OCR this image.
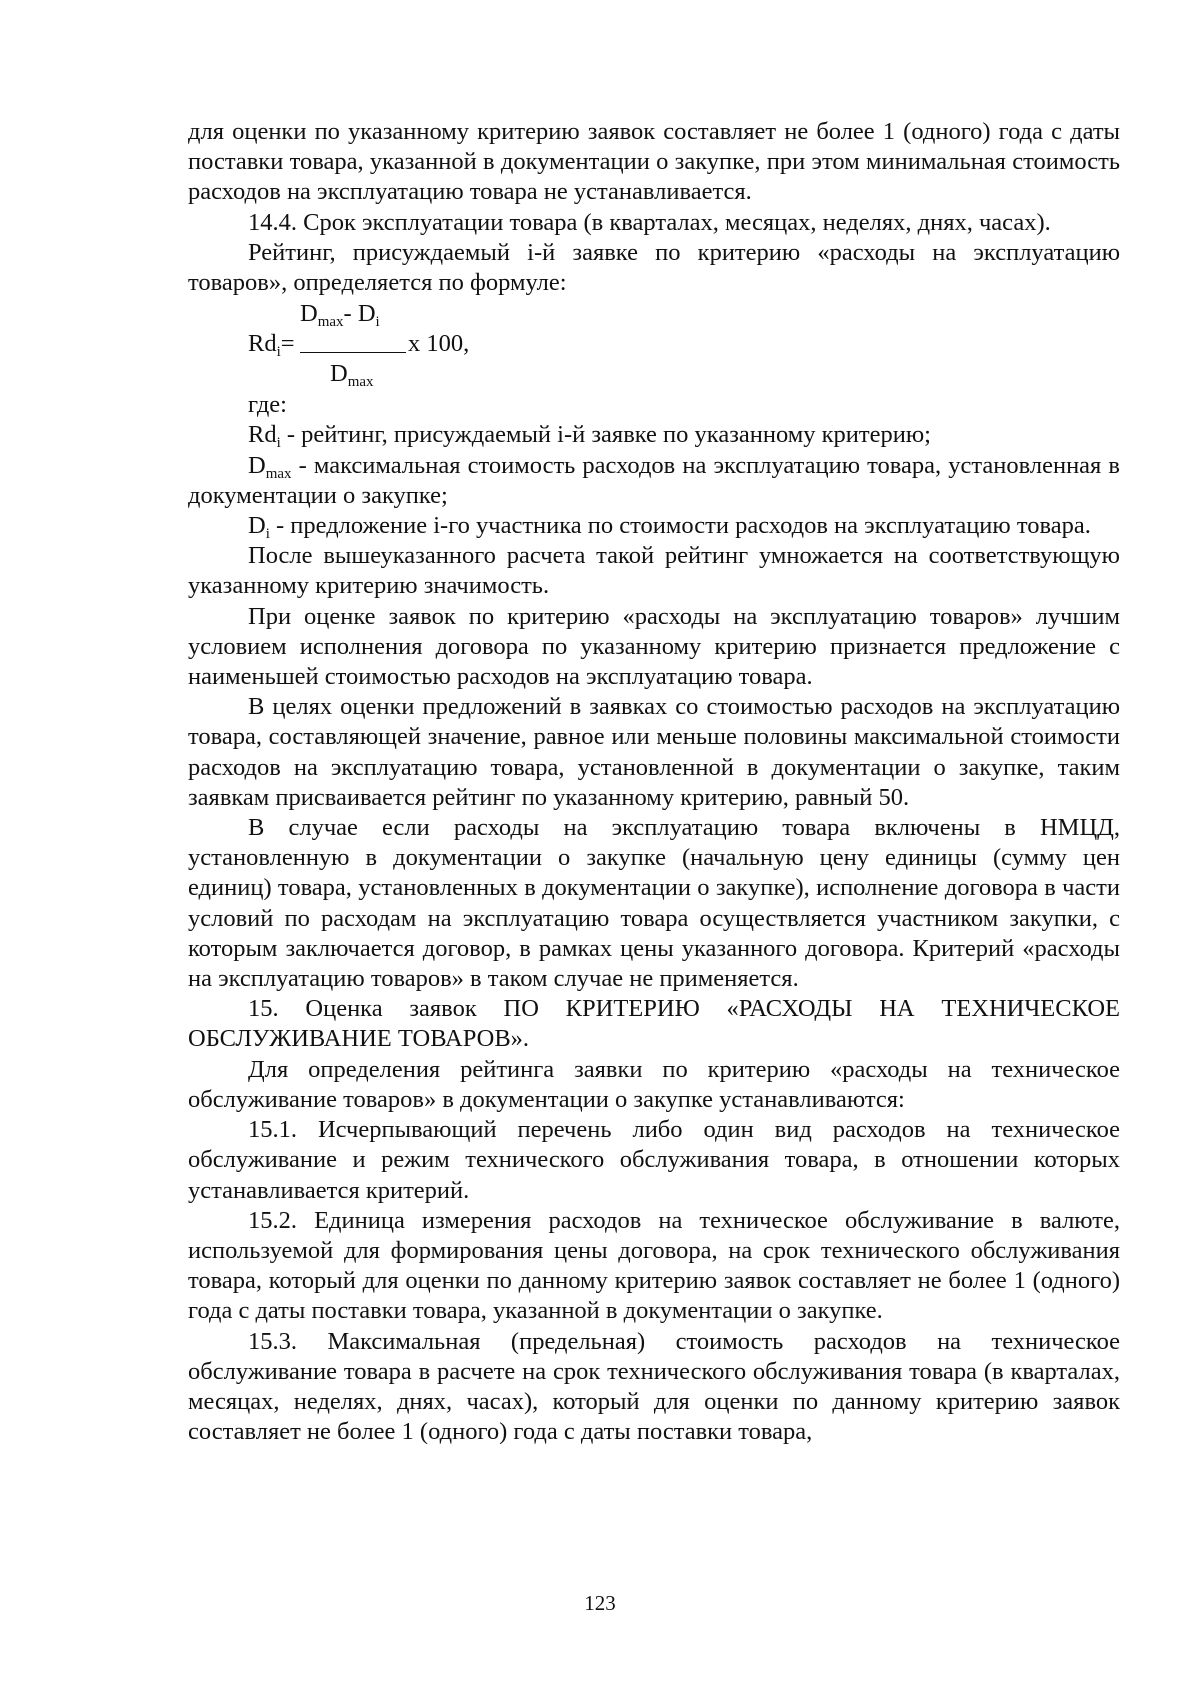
для оценки по указанному критерию заявок составляет не более 1 (одного) года с даты поставки товара, указанной в документации о закупке, при этом минимальная стоимость расходов на эксплуатацию товара не устанавливается.

14.4. Срок эксплуатации товара (в кварталах, месяцах, неделях, днях, часах).

Рейтинг, присуждаемый i-й заявке по критерию «расходы на эксплуатацию товаров», определяется по формуле:

$D_{max}-$ $D_i$
$Rd_i=$	x 100,
$D_{max}$

где:

$Rd_i$ - рейтинг, присуждаемый i-й заявке по указанному критерию;

$D_{max}$ - максимальная стоимость расходов на эксплуатацию товара, установленная в документации о закупке;

$D_i$ - предложение i-го участника по стоимости расходов на эксплуатацию товара.

После вышеуказанного расчета такой рейтинг умножается на соответствующую указанному критерию значимость.

При оценке заявок по критерию «расходы на эксплуатацию товаров» лучшим условием исполнения договора по указанному критерию признается предложение с наименьшей стоимостью расходов на эксплуатацию товара.

В целях оценки предложений в заявках со стоимостью расходов на эксплуатацию товара, составляющей значение, равное или меньше половины максимальной стоимости расходов на эксплуатацию товара, установленной в документации о закупке, таким заявкам присваивается рейтинг по указанному критерию, равный 50.

В случае если расходы на эксплуатацию товара включены в НМЦД, установленную в документации о закупке (начальную цену единицы (сумму цен единиц) товара, установленных в документации о закупке), исполнение договора в части условий по расходам на эксплуатацию товара осуществляется участником закупки, с которым заключается договор, в рамках цены указанного договора. Критерий «расходы на эксплуатацию товаров» в таком случае не применяется.

15. Оценка заявок ПО КРИТЕРИЮ «РАСХОДЫ НА ТЕХНИЧЕСКОЕ ОБСЛУЖИВАНИЕ ТОВАРОВ».

Для определения рейтинга заявки по критерию «расходы на техническое обслуживание товаров» в документации о закупке устанавливаются:

15.1. Исчерпывающий перечень либо один вид расходов на техническое обслуживание и режим технического обслуживания товара, в отношении которых устанавливается критерий.

15.2. Единица измерения расходов на техническое обслуживание в валюте, используемой для формирования цены договора, на срок технического обслуживания товара, который для оценки по данному критерию заявок составляет не более 1 (одного) года с даты поставки товара, указанной в документации о закупке.

15.3. Максимальная (предельная) стоимость расходов на техническое обслуживание товара в расчете на срок технического обслуживания товара (в кварталах, месяцах, неделях, днях, часах), который для оценки по данному критерию заявок составляет не более 1 (одного) года с даты поставки товара,

123
